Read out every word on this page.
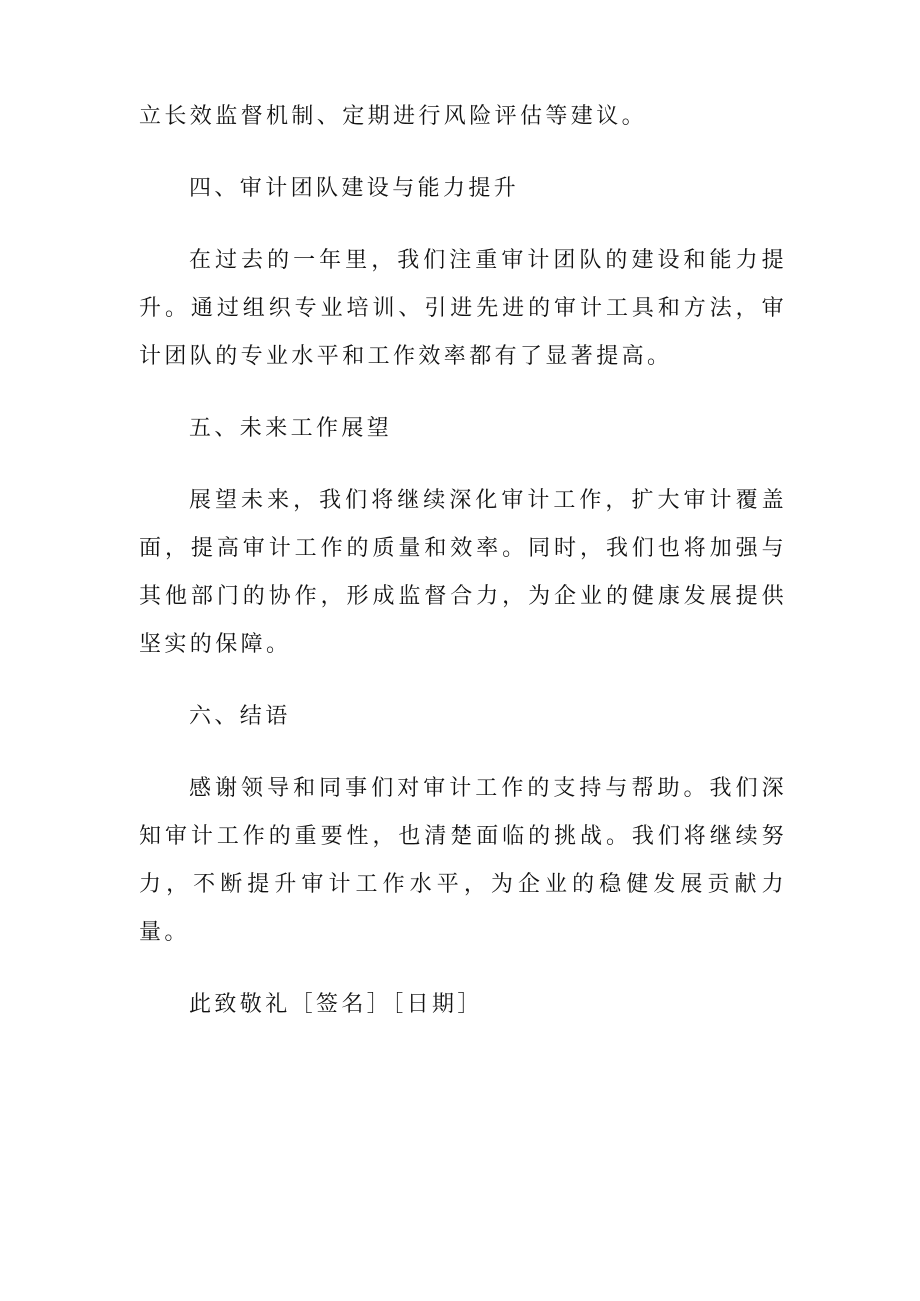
立长效监督机制、定期进行风险评估等建议。

四、审计团队建设与能力提升

在过去的一年里，我们注重审计团队的建设和能力提升。通过组织专业培训、引进先进的审计工具和方法，审计团队的专业水平和工作效率都有了显著提高。

五、未来工作展望

展望未来，我们将继续深化审计工作，扩大审计覆盖面，提高审计工作的质量和效率。同时，我们也将加强与其他部门的协作，形成监督合力，为企业的健康发展提供坚实的保障。

六、结语

感谢领导和同事们对审计工作的支持与帮助。我们深知审计工作的重要性，也清楚面临的挑战。我们将继续努力，不断提升审计工作水平，为企业的稳健发展贡献力量。

此致敬礼［签名］［日期］
